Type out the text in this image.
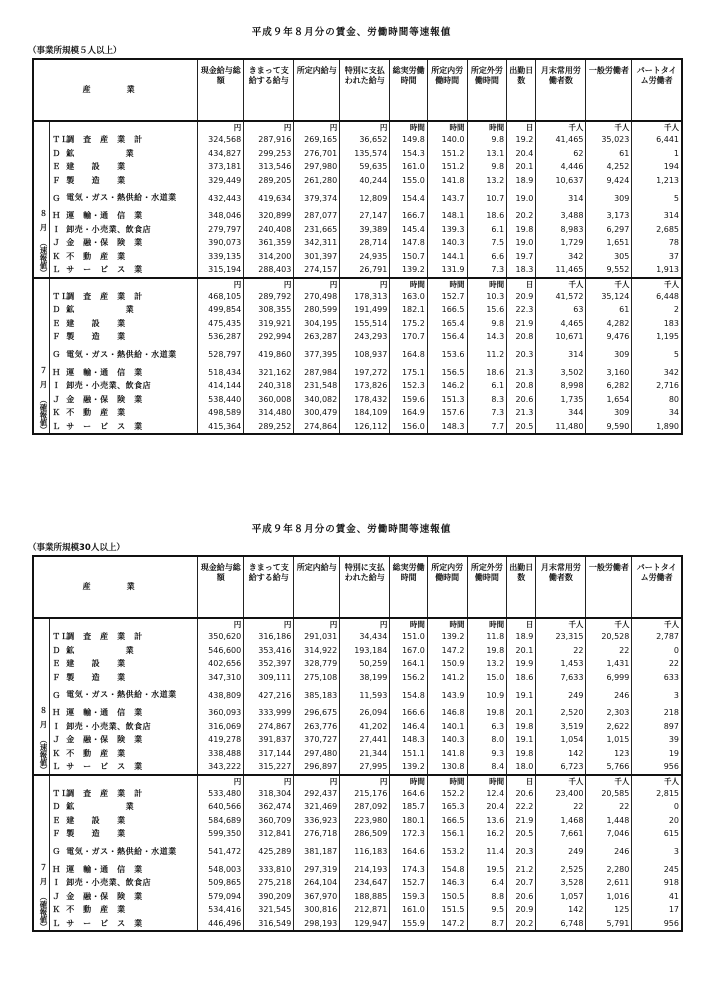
平成９年８月分の賃金、労働時間等速報値
（事業所規模５人以上）
産　業		現金給与総額	きまって支給する給与	所定内給与	特別に支払われた給与	総実労働時間	所定内労働時間	所定外労働時間	出勤日数	月末常用労働者数	一般労働者	パートタイム労働者

８
月
（速報値）		円	円	円	円	時間	時間	時間	日	千人	千人	千人
	ＴＬ調　査　産　業　計	324,568	287,916	269,165	36,652	149.8	140.0	9.8	19.2	41,465	35,023	6,441
	Ｄ 鉱　　　　　　業	434,827	299,253	276,701	135,574	154.3	151.2	13.1	20.4	62	61	1
	Ｅ 建　　設　　業	373,181	313,546	297,980	59,635	161.0	151.2	9.8	20.1	4,446	4,252	194
	Ｆ 製　　造　　業	329,449	289,205	261,280	40,244	155.0	141.8	13.2	18.9	10,637	9,424	1,213
	Ｇ 電気・ガス・熱供給・水道業	432,443	419,634	379,374	12,809	154.4	143.7	10.7	19.0	314	309	5
	Ｈ 運　輸・通　信　業	348,046	320,899	287,077	27,147	166.7	148.1	18.6	20.2	3,488	3,173	314
	Ｉ 卸売・小売業、飲食店	279,797	240,408	231,665	39,389	145.4	139.3	6.1	19.8	8,983	6,297	2,685
	Ｊ 金　融・保　険　業	390,073	361,359	342,311	28,714	147.8	140.3	7.5	19.0	1,729	1,651	78
	Ｋ 不　動　産　業	339,135	314,200	301,397	24,935	150.7	144.1	6.6	19.7	342	305	37
	Ｌ サ　ー　ビ　ス　業	315,194	288,403	274,157	26,791	139.2	131.9	7.3	18.3	11,465	9,552	1,913

７
月
（確報値）		円	円	円	円	時間	時間	時間	日	千人	千人	千人
	ＴＬ調　査　産　業　計	468,105	289,792	270,498	178,313	163.0	152.7	10.3	20.9	41,572	35,124	6,448
	Ｄ 鉱　　　　　　業	499,854	308,355	280,599	191,499	182.1	166.5	15.6	22.3	63	61	2
	Ｅ 建　　設　　業	475,435	319,921	304,195	155,514	175.2	165.4	9.8	21.9	4,465	4,282	183
	Ｆ 製　　造　　業	536,287	292,994	263,287	243,293	170.7	156.4	14.3	20.8	10,671	9,476	1,195
	Ｇ 電気・ガス・熱供給・水道業	528,797	419,860	377,395	108,937	164.8	153.6	11.2	20.3	314	309	5
	Ｈ 運　輸・通　信　業	518,434	321,162	287,984	197,272	175.1	156.5	18.6	21.3	3,502	3,160	342
	Ｉ 卸売・小売業、飲食店	414,144	240,318	231,548	173,826	152.3	146.2	6.1	20.8	8,998	6,282	2,716
	Ｊ 金　融・保　険　業	538,440	360,008	340,082	178,432	159.6	151.3	8.3	20.6	1,735	1,654	80
	Ｋ 不　動　産　業	498,589	314,480	300,479	184,109	164.9	157.6	7.3	21.3	344	309	34
	Ｌ サ　ー　ビ　ス　業	415,364	289,252	274,864	126,112	156.0	148.3	7.7	20.5	11,480	9,590	1,890
平成９年８月分の賃金、労働時間等速報値
（事業所規模30人以上）
産　業		現金給与総額	きまって支給する給与	所定内給与	特別に支払われた給与	総実労働時間	所定内労働時間	所定外労働時間	出勤日数	月末常用労働者数	一般労働者	パートタイム労働者

８
月
（速報値）		円	円	円	円	時間	時間	時間	日	千人	千人	千人
	ＴＬ調　査　産　業　計	350,620	316,186	291,031	34,434	151.0	139.2	11.8	18.9	23,315	20,528	2,787
	Ｄ 鉱　　　　　　業	546,600	353,416	314,922	193,184	167.0	147.2	19.8	20.1	22	22	0
	Ｅ 建　　設　　業	402,656	352,397	328,779	50,259	164.1	150.9	13.2	19.9	1,453	1,431	22
	Ｆ 製　　造　　業	347,310	309,111	275,108	38,199	156.2	141.2	15.0	18.6	7,633	6,999	633
	Ｇ 電気・ガス・熱供給・水道業	438,809	427,216	385,183	11,593	154.8	143.9	10.9	19.1	249	246	3
	Ｈ 運　輸・通　信　業	360,093	333,999	296,675	26,094	166.6	146.8	19.8	20.1	2,520	2,303	218
	Ｉ 卸売・小売業、飲食店	316,069	274,867	263,776	41,202	146.4	140.1	6.3	19.8	3,519	2,622	897
	Ｊ 金　融・保　険　業	419,278	391,837	370,727	27,441	148.3	140.3	8.0	19.1	1,054	1,015	39
	Ｋ 不　動　産　業	338,488	317,144	297,480	21,344	151.1	141.8	9.3	19.8	142	123	19
	Ｌ サ　ー　ビ　ス　業	343,222	315,227	296,897	27,995	139.2	130.8	8.4	18.0	6,723	5,766	956

７
月
（確報値）		円	円	円	円	時間	時間	時間	日	千人	千人	千人
	ＴＬ調　査　産　業　計	533,480	318,304	292,437	215,176	164.6	152.2	12.4	20.6	23,400	20,585	2,815
	Ｄ 鉱　　　　　　業	640,566	362,474	321,469	287,092	185.7	165.3	20.4	22.2	22	22	0
	Ｅ 建　　設　　業	584,689	360,709	336,923	223,980	180.1	166.5	13.6	21.9	1,468	1,448	20
	Ｆ 製　　造　　業	599,350	312,841	276,718	286,509	172.3	156.1	16.2	20.5	7,661	7,046	615
	Ｇ 電気・ガス・熱供給・水道業	541,472	425,289	381,187	116,183	164.6	153.2	11.4	20.3	249	246	3
	Ｈ 運　輸・通　信　業	548,003	333,810	297,319	214,193	174.3	154.8	19.5	21.2	2,525	2,280	245
	Ｉ 卸売・小売業、飲食店	509,865	275,218	264,104	234,647	152.7	146.3	6.4	20.7	3,528	2,611	918
	Ｊ 金　融・保　険　業	579,094	390,209	367,970	188,885	159.3	150.5	8.8	20.6	1,057	1,016	41
	Ｋ 不　動　産　業	534,416	321,545	300,816	212,871	161.0	151.5	9.5	20.9	142	125	17
	Ｌ サ　ー　ビ　ス　業	446,496	316,549	298,193	129,947	155.9	147.2	8.7	20.2	6,748	5,791	956
